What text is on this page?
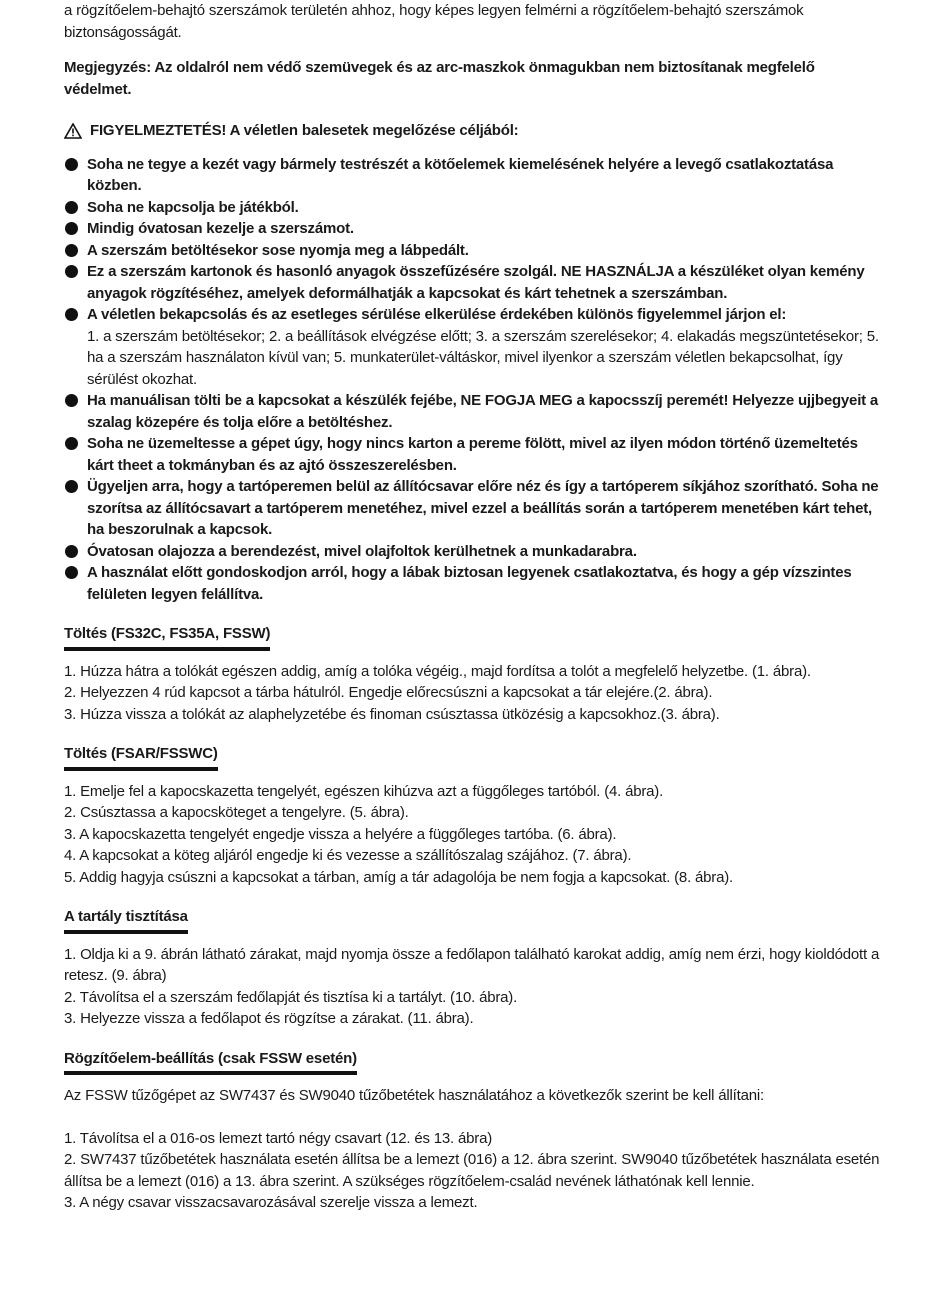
a rögzítőelem-behajtó szerszámok területén ahhoz, hogy képes legyen felmérni a rögzítőelem-behajtó szerszámok biztonságosságát.

Megjegyzés: Az oldalról nem védő szemüvegek és az arc-maszkok önmagukban nem biztosítanak megfelelő védelmet.

FIGYELMEZTETÉS! A véletlen balesetek megelőzése céljából:
Soha ne tegye a kezét vagy bármely testrészét a kötőelemek kiemelésének helyére a levegő csatlakoztatása közben.
Soha ne kapcsolja be játékból.
Mindig óvatosan kezelje a szerszámot.
A szerszám betöltésekor sose nyomja meg a lábpedált.
Ez a szerszám kartonok és hasonló anyagok összefűzésére szolgál. NE HASZNÁLJA a készüléket olyan kemény anyagok rögzítéséhez, amelyek deformálhatják a kapcsokat és kárt tehetnek a szerszámban.
A véletlen bekapcsolás és az esetleges sérülése elkerülése érdekében különös figyelemmel járjon el:
1. a szerszám betöltésekor; 2. a beállítások elvégzése előtt; 3. a szerszám szerelésekor; 4. elakadás megszüntetésekor; 5. ha a szerszám használaton kívül van; 5. munkaterület-váltáskor, mivel ilyenkor a szerszám véletlen bekapcsolhat, így sérülést okozhat.
Ha manuálisan tölti be a kapcsokat a készülék fejébe, NE FOGJA MEG a kapocsszíj peremét! Helyezze ujjbegyeit a szalag közepére és tolja előre a betöltéshez.
Soha ne üzemeltesse a gépet úgy, hogy nincs karton a pereme fölött, mivel az ilyen módon történő üzemeltetés kárt theet a tokmányban és az ajtó összeszerelésben.
Ügyeljen arra, hogy a tartóperemen belül az állítócsavar előre néz és így a tartóperem síkjához szorítható. Soha ne szorítsa az állítócsavart a tartóperem menetéhez, mivel ezzel a beállítás során a tartóperem menetében kárt tehet, ha beszorulnak a kapcsok.
Óvatosan olajozza a berendezést, mivel olajfoltok kerülhetnek a munkadarabra.
A használat előtt gondoskodjon arról, hogy a lábak biztosan legyenek csatlakoztatva, és hogy a gép vízszintes felületen legyen felállítva.
Töltés (FS32C, FS35A, FSSW)
1. Húzza hátra a tolókát egészen addig, amíg a tolóka végéig., majd fordítsa a tolót a megfelelő helyzetbe. (1. ábra).
2. Helyezzen 4 rúd kapcsot a tárba hátulról. Engedje előrecsúszni a kapcsokat a tár elejére.(2. ábra).
3. Húzza vissza a tolókát az alaphelyzetébe és finoman csúsztassa ütközésig a kapcsokhoz.(3. ábra).
Töltés (FSAR/FSSWC)
1. Emelje fel a kapocskazetta tengelyét, egészen kihúzva azt a függőleges tartóból. (4. ábra).
2. Csúsztassa a kapocsköteget a tengelyre. (5. ábra).
3. A kapocskazetta tengelyét engedje vissza a helyére a függőleges tartóba. (6. ábra).
4. A kapcsokat a köteg aljáról engedje ki és vezesse a szállítószalag szájához. (7. ábra).
5. Addig hagyja csúszni a kapcsokat a tárban, amíg a tár adagolója be nem fogja a kapcsokat. (8. ábra).
A tartály tisztítása
1. Oldja ki a 9. ábrán látható zárakat, majd nyomja össze a fedőlapon található karokat addig, amíg nem érzi, hogy kioldódott a retesz. (9. ábra)
2. Távolítsa el a szerszám fedőlapját és tisztísa ki a tartályt. (10. ábra).
3. Helyezze vissza a fedőlapot és rögzítse a zárakat. (11. ábra).
Rögzítőelem-beállítás (csak FSSW esetén)

Az FSSW tűzőgépet az SW7437 és SW9040 tűzőbetétek használatához a következők szerint be kell állítani:

1. Távolítsa el a 016-os lemezt tartó négy csavart (12. és 13. ábra)
2. SW7437 tűzőbetétek használata esetén állítsa be a lemezt (016) a 12. ábra szerint. SW9040 tűzőbetétek használata esetén állítsa be a lemezt (016) a 13. ábra szerint. A szükséges rögzítőelem-család nevének láthatónak kell lennie.
3. A négy csavar visszacsavarozásával szerelje vissza a lemezt.
